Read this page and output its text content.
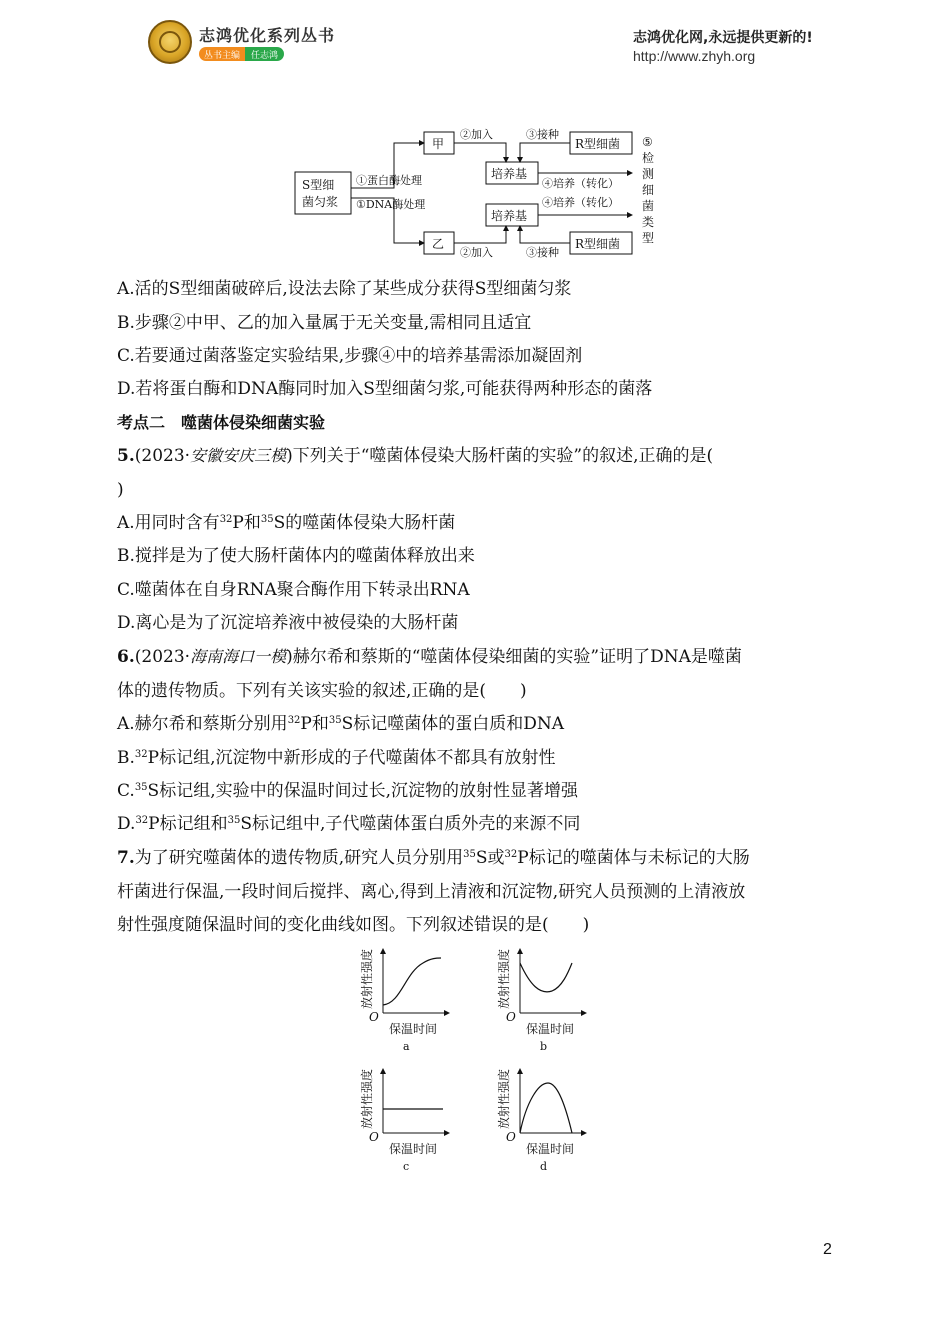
志鸿优化系列丛书
丛书主编	任志鸿
志鸿优化网,永远提供更新的!
http://www.zhyh.org
S型细
菌匀浆
甲
乙
培养基
培养基
R型细菌
R型细菌
①蛋白酶处理
①DNA酶处理
②加入	③接种
②加入	③接种
④培养（转化）
④培养（转化）
⑤
检
测
细
菌
类
型
A.活的S型细菌破碎后,设法去除了某些成分获得S型细菌匀浆
B.步骤②中甲、乙的加入量属于无关变量,需相同且适宜
C.若要通过菌落鉴定实验结果,步骤④中的培养基需添加凝固剂
D.若将蛋白酶和DNA酶同时加入S型细菌匀浆,可能获得两种形态的菌落
考点二　噬菌体侵染细菌实验
5.(2023·安徽安庆三模)下列关于“噬菌体侵染大肠杆菌的实验”的叙述,正确的是(
)
A.用同时含有$^{32}$P和$^{35}$S的噬菌体侵染大肠杆菌
B.搅拌是为了使大肠杆菌体内的噬菌体释放出来
C.噬菌体在自身RNA聚合酶作用下转录出RNA
D.离心是为了沉淀培养液中被侵染的大肠杆菌
6.(2023·海南海口一模)赫尔希和蔡斯的“噬菌体侵染细菌的实验”证明了DNA是噬菌
体的遗传物质。下列有关该实验的叙述,正确的是(　　)
A.赫尔希和蔡斯分别用$^{32}$P和$^{35}$S标记噬菌体的蛋白质和DNA
B.$^{32}$P标记组,沉淀物中新形成的子代噬菌体不都具有放射性
C.$^{35}$S标记组,实验中的保温时间过长,沉淀物的放射性显著增强
D.$^{32}$P标记组和$^{35}$S标记组中,子代噬菌体蛋白质外壳的来源不同
7.为了研究噬菌体的遗传物质,研究人员分别用$^{35}$S或$^{32}$P标记的噬菌体与未标记的大肠
杆菌进行保温,一段时间后搅拌、离心,得到上清液和沉淀物,研究人员预测的上清液放
射性强度随保温时间的变化曲线如图。下列叙述错误的是(　　)
放射性强度
O
保温时间
a
放射性强度
O
保温时间
b
放射性强度
O
保温时间
c
放射性强度
O
保温时间
d
2
